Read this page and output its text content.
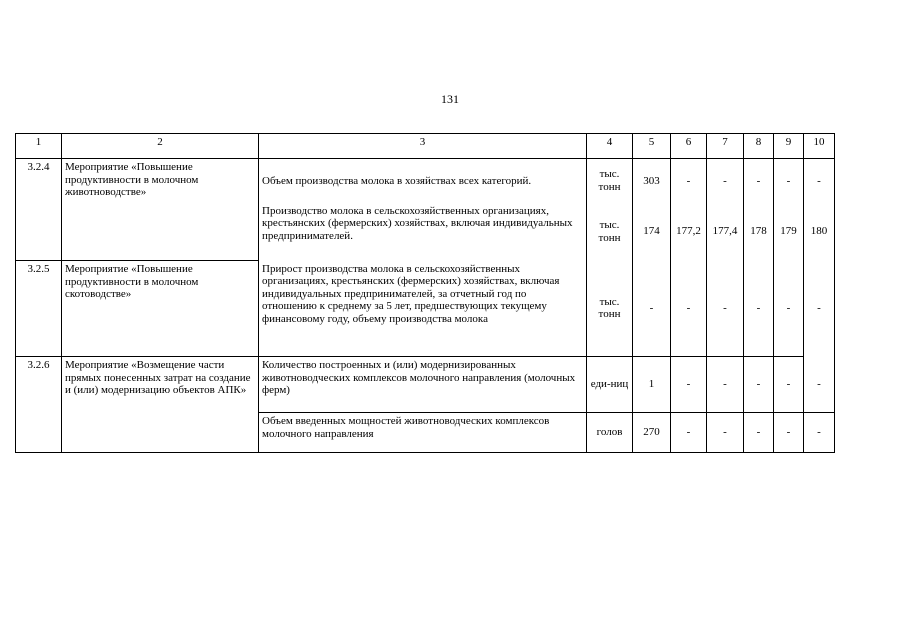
131
1	2	3	4	5	6	7	8	9	10
3.2.4	Мероприятие «Повышение продуктивности в молочном животноводстве»	Объем производства молока в хозяйствах всех категорий.	тыс. тонн	303	-	-	-	-	-
		Производство молока в сельскохозяйственных организациях, крестьянских (фермерских) хозяйствах, включая индивидуальных предпринимателей.	тыс. тонн	174	177,2	177,4	178	179	180
3.2.5	Мероприятие «Повышение продуктивности в молочном скотоводстве»	Прирост производства молока в сельскохозяйственных организациях, крестьянских (фермерских) хозяйствах, включая индивидуальных предпринимателей, за отчетный год по отношению к среднему за 5 лет, предшествующих текущему финансовому году, объему производства молока	тыс. тонн	-	-	-	-	-	-
3.2.6	Мероприятие «Возмещение части прямых понесенных затрат на создание и (или) модернизацию объектов АПК»	Количество построенных и (или) модернизированных животноводческих комплексов молочного направления (молочных ферм)	еди-ниц	1	-	-	-	-	-
		Объем введенных мощностей животноводческих комплексов молочного направления	голов	270	-	-	-	-	-
